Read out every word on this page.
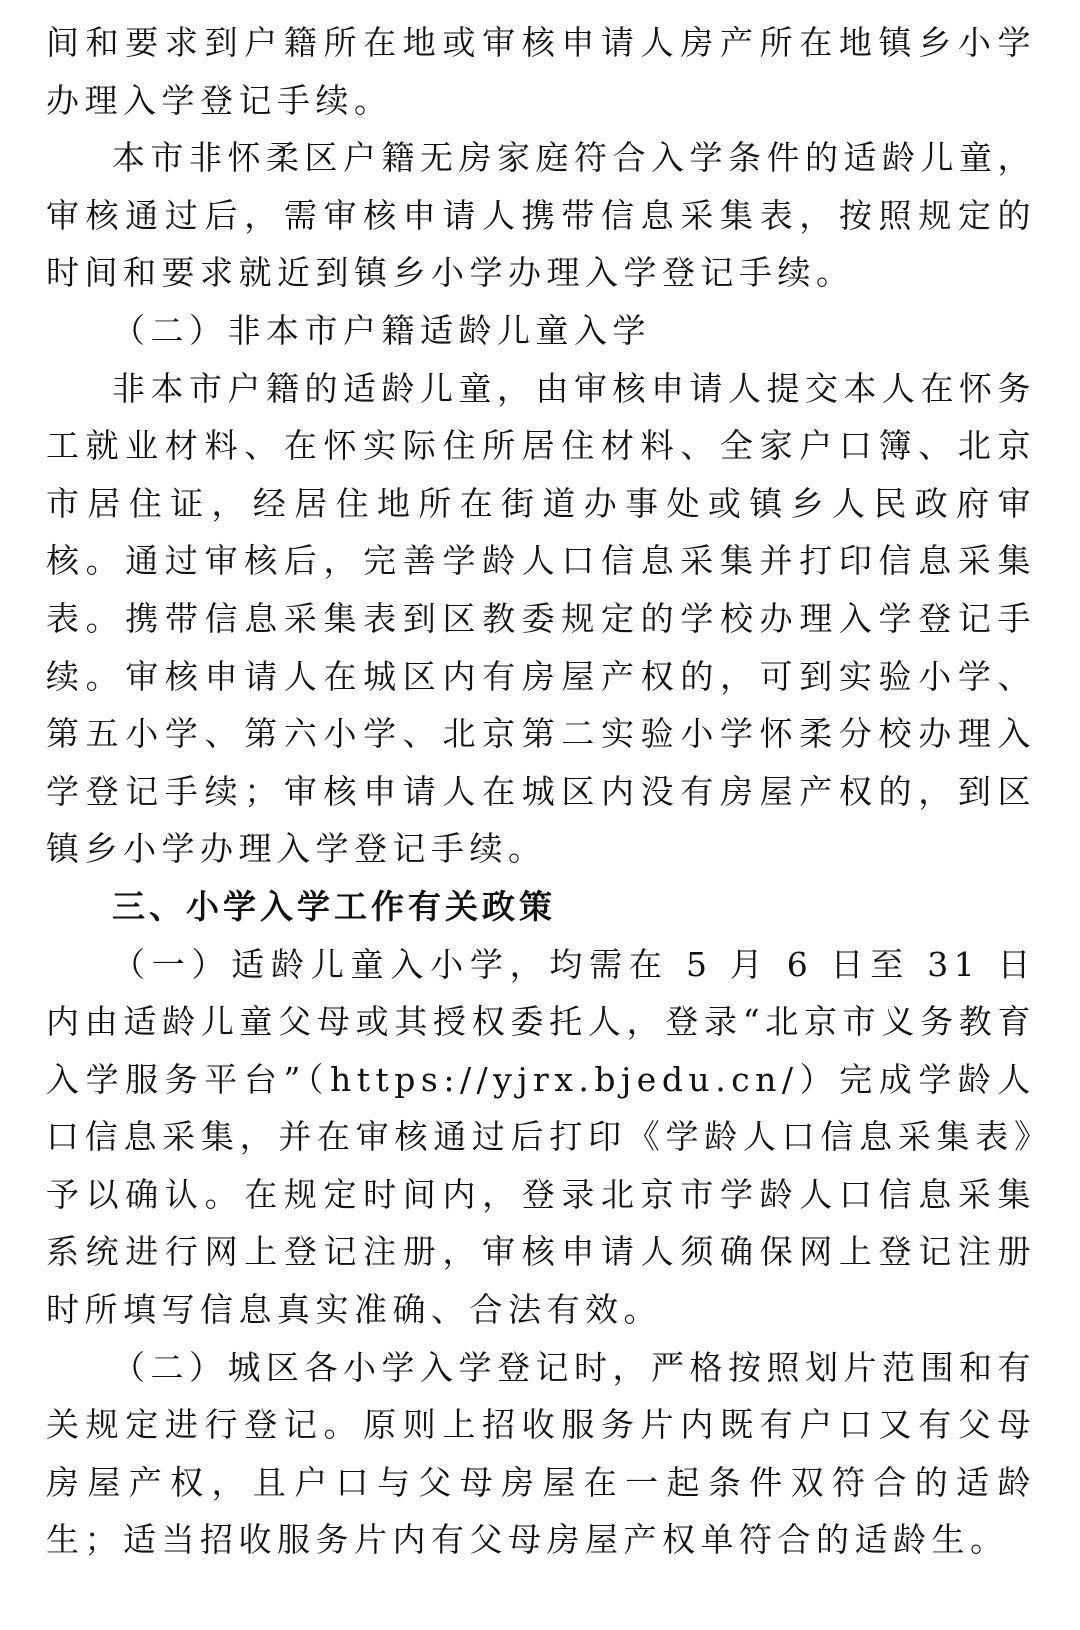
间和要求到户籍所在地或审核申请人房产所在地镇乡小学办理入学登记手续。

本市非怀柔区户籍无房家庭符合入学条件的适龄儿童，审核通过后，需审核申请人携带信息采集表，按照规定的时间和要求就近到镇乡小学办理入学登记手续。

（二）非本市户籍适龄儿童入学

非本市户籍的适龄儿童，由审核申请人提交本人在怀务工就业材料、在怀实际住所居住材料、全家户口簿、北京市居住证，经居住地所在街道办事处或镇乡人民政府审核。通过审核后，完善学龄人口信息采集并打印信息采集表。携带信息采集表到区教委规定的学校办理入学登记手续。审核申请人在城区内有房屋产权的，可到实验小学、第五小学、第六小学、北京第二实验小学怀柔分校办理入学登记手续；审核申请人在城区内没有房屋产权的，到区镇乡小学办理入学登记手续。

三、小学入学工作有关政策

（一）适龄儿童入小学，均需在 5 月 6 日至 31 日内由适龄儿童父母或其授权委托人，登录“北京市义务教育入学服务平台”（https://yjrx.bjedu.cn/）完成学龄人口信息采集，并在审核通过后打印《学龄人口信息采集表》予以确认。在规定时间内，登录北京市学龄人口信息采集系统进行网上登记注册，审核申请人须确保网上登记注册时所填写信息真实准确、合法有效。

（二）城区各小学入学登记时，严格按照划片范围和有关规定进行登记。原则上招收服务片内既有户口又有父母房屋产权，且户口与父母房屋在一起条件双符合的适龄生；适当招收服务片内有父母房屋产权单符合的适龄生。
